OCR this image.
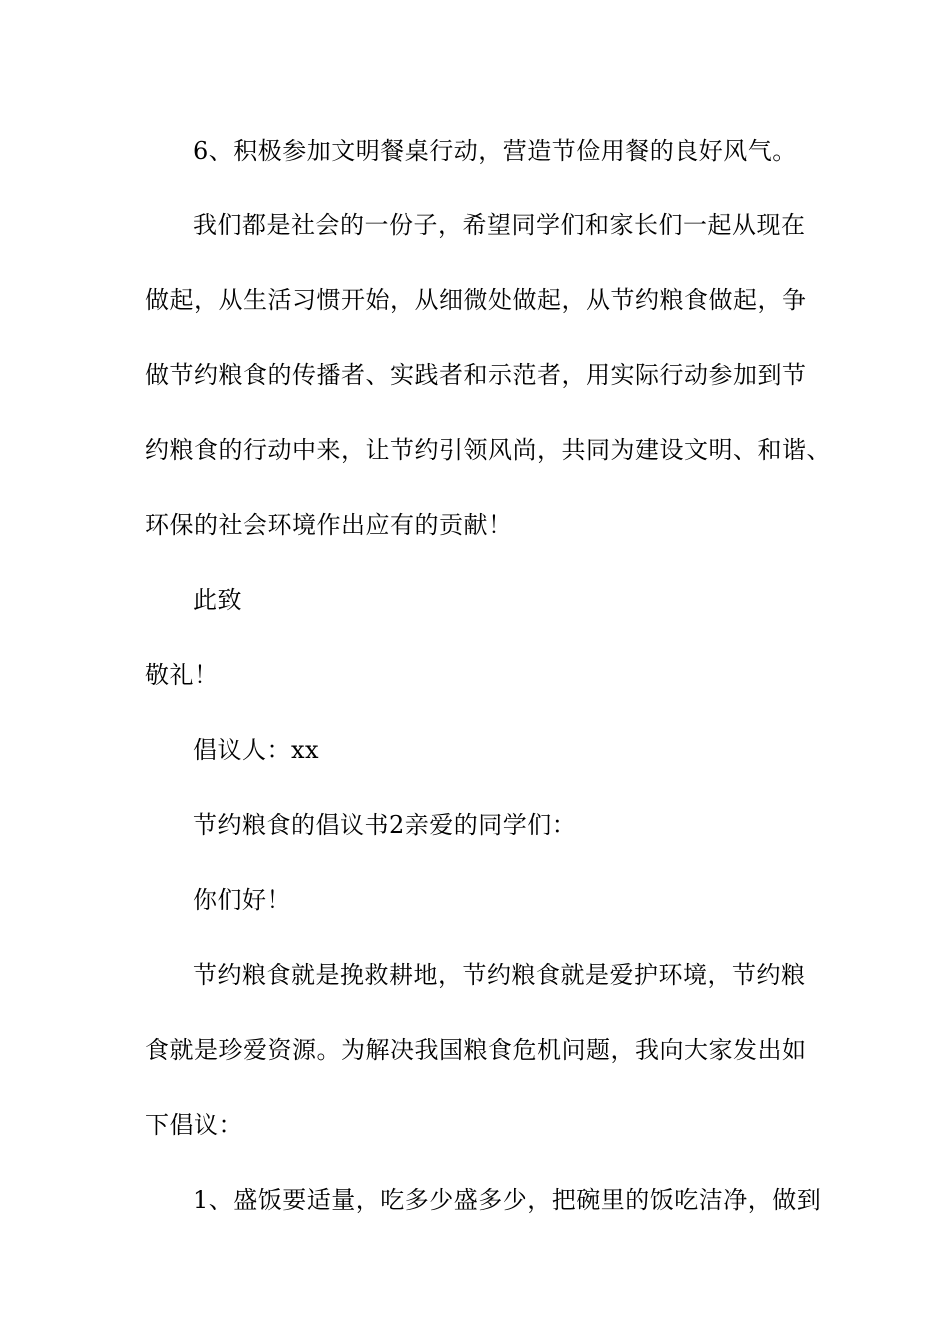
6、积极参加文明餐桌行动，营造节俭用餐的良好风气。
我们都是社会的一份子，希望同学们和家长们一起从现在
做起，从生活习惯开始，从细微处做起，从节约粮食做起，争
做节约粮食的传播者、实践者和示范者，用实际行动参加到节
约粮食的行动中来，让节约引领风尚，共同为建设文明、和谐、
环保的社会环境作出应有的贡献！
此致
敬礼！
倡议人：xx
节约粮食的倡议书2亲爱的同学们：
你们好！
节约粮食就是挽救耕地，节约粮食就是爱护环境，节约粮
食就是珍爱资源。为解决我国粮食危机问题，我向大家发出如
下倡议：
1、盛饭要适量，吃多少盛多少，把碗里的饭吃洁净，做到
